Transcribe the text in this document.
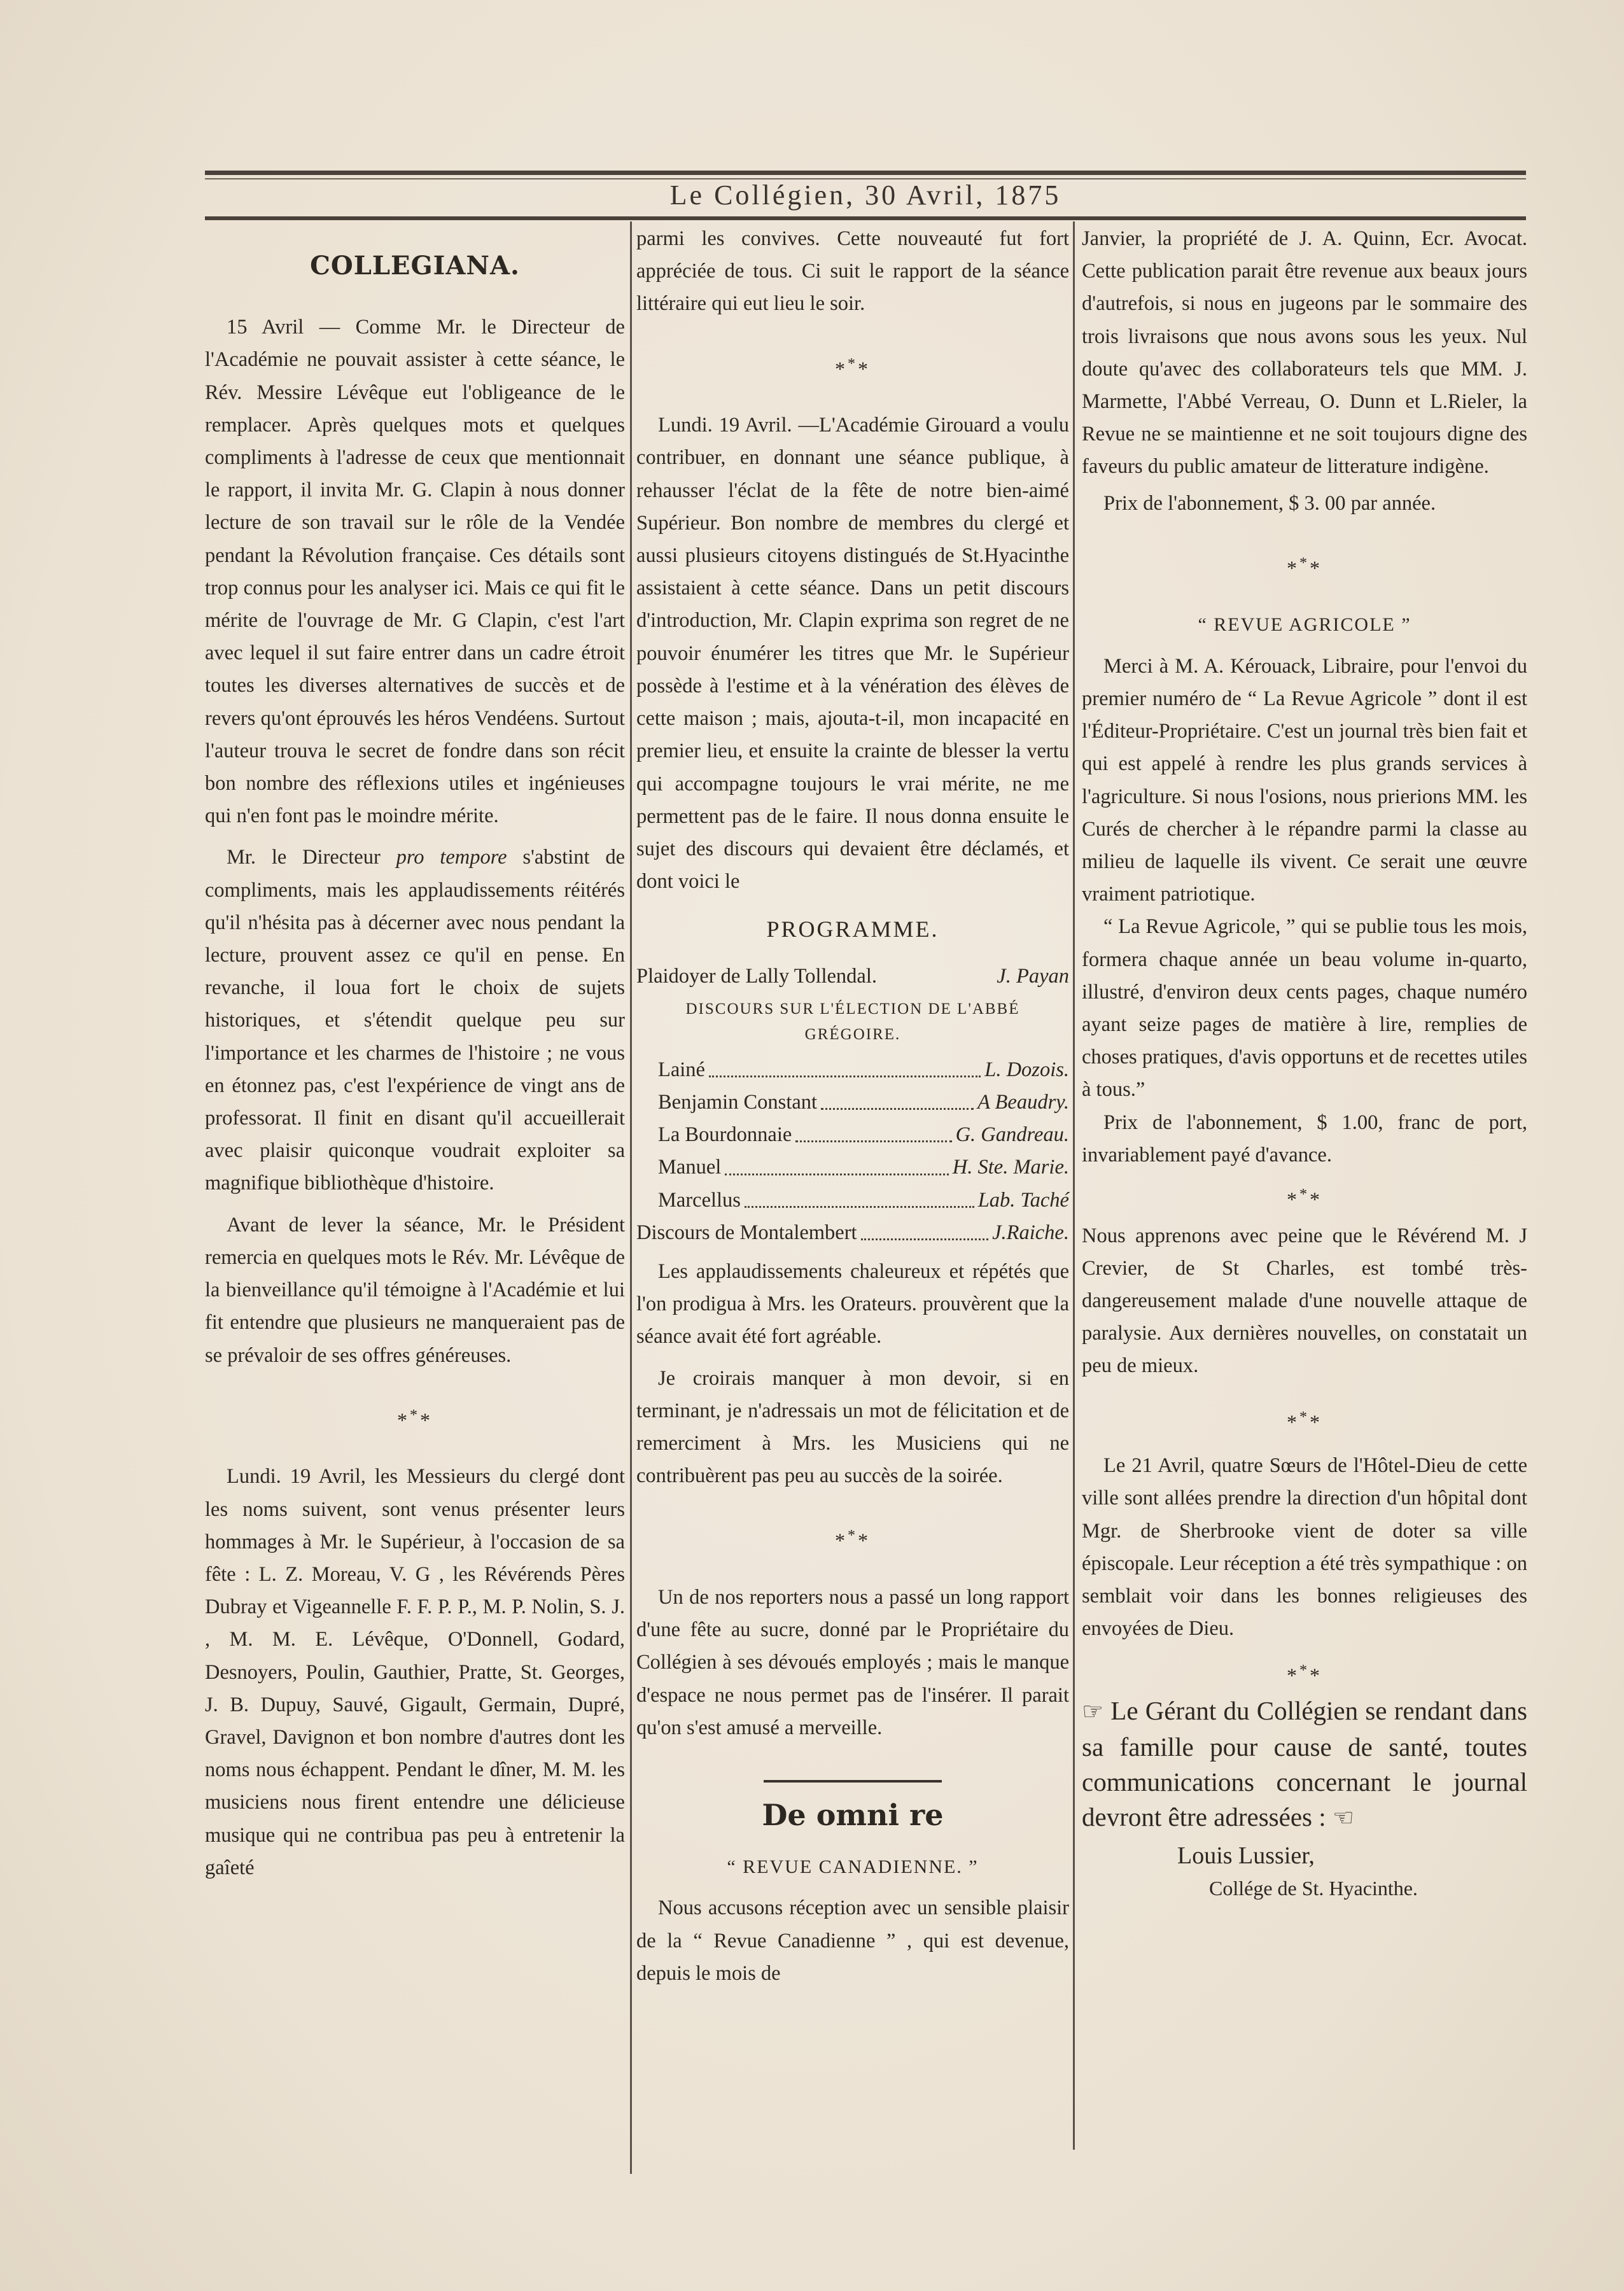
Le Collégien, 30 Avril, 1875
COLLEGIANA.

15 Avril — Comme Mr. le Directeur de l'Académie ne pouvait assister à cette séance, le Rév. Messire Lévêque eut l'obligeance de le remplacer. Après quelques mots et quelques compliments à l'adresse de ceux que mentionnait le rapport, il invita Mr. G. Clapin à nous donner lecture de son travail sur le rôle de la Vendée pendant la Révolution française. Ces détails sont trop connus pour les analyser ici. Mais ce qui fit le mérite de l'ouvrage de Mr. G Clapin, c'est l'art avec lequel il sut faire entrer dans un cadre étroit toutes les diverses alternatives de succès et de revers qu'ont éprouvés les héros Vendéens. Surtout l'auteur trouva le secret de fondre dans son récit bon nombre des réflexions utiles et ingénieuses qui n'en font pas le moindre mérite.

Mr. le Directeur pro tempore s'abstint de compliments, mais les applaudissements réitérés qu'il n'hésita pas à décerner avec nous pendant la lecture, prouvent assez ce qu'il en pense. En revanche, il loua fort le choix de sujets historiques, et s'étendit quelque peu sur l'importance et les charmes de l'histoire ; ne vous en étonnez pas, c'est l'expérience de vingt ans de professorat. Il finit en disant qu'il accueillerait avec plaisir quiconque voudrait exploiter sa magnifique bibliothèque d'histoire.

Avant de lever la séance, Mr. le Président remercia en quelques mots le Rév. Mr. Lévêque de la bienveillance qu'il témoigne à l'Académie et lui fit entendre que plusieurs ne manqueraient pas de se prévaloir de ses offres généreuses.

***

Lundi. 19 Avril, les Messieurs du clergé dont les noms suivent, sont venus présenter leurs hommages à Mr. le Supérieur, à l'occasion de sa fête : L. Z. Moreau, V. G , les Révérends Pères Dubray et Vigeannelle F. F. P. P., M. P. Nolin, S. J. , M. M. E. Lévêque, O'Donnell, Godard, Desnoyers, Poulin, Gauthier, Pratte, St. Georges, J. B. Dupuy, Sauvé, Gigault, Germain, Dupré, Gravel, Davignon et bon nombre d'autres dont les noms nous échappent. Pendant le dîner, M. M. les musiciens nous firent entendre une délicieuse musique qui ne contribua pas peu à entretenir la gaîeté

parmi les convives. Cette nouveauté fut fort appréciée de tous. Ci suit le rapport de la séance littéraire qui eut lieu le soir.

***

Lundi. 19 Avril. —L'Académie Girouard a voulu contribuer, en donnant une séance publique, à rehausser l'éclat de la fête de notre bien-aimé Supérieur. Bon nombre de membres du clergé et aussi plusieurs citoyens distingués de St.Hyacinthe assistaient à cette séance. Dans un petit discours d'introduction, Mr. Clapin exprima son regret de ne pouvoir énumérer les titres que Mr. le Supérieur possède à l'estime et à la vénération des élèves de cette maison ; mais, ajouta-t-il, mon incapacité en premier lieu, et ensuite la crainte de blesser la vertu qui accompagne toujours le vrai mérite, ne me permettent pas de le faire. Il nous donna ensuite le sujet des discours qui devaient être déclamés, et dont voici le

PROGRAMME.
Plaidoyer de Lally Tollendal.	J. Payan
DISCOURS SUR L'ÉLECTION DE L'ABBÉ GRÉGOIRE.
Lainé	L. Dozois.
Benjamin Constant	A Beaudry.
La Bourdonnaie	G. Gandreau.
Manuel	H. Ste. Marie.
Marcellus	Lab. Taché
Discours de Montalembert	J.Raiche.

Les applaudissements chaleureux et répétés que l'on prodigua à Mrs. les Orateurs. prouvèrent que la séance avait été fort agréable.

Je croirais manquer à mon devoir, si en terminant, je n'adressais un mot de félicitation et de remerciment à Mrs. les Musiciens qui ne contribuèrent pas peu au succès de la soirée.

***

Un de nos reporters nous a passé un long rapport d'une fête au sucre, donné par le Propriétaire du Collégien à ses dévoués employés ; mais le manque d'espace ne nous permet pas de l'insérer. Il parait qu'on s'est amusé a merveille.

De omni re
“ REVUE CANADIENNE. ”

Nous accusons réception avec un sensible plaisir de la “ Revue Canadienne ” , qui est devenue, depuis le mois de

Janvier, la propriété de J. A. Quinn, Ecr. Avocat. Cette publication parait être revenue aux beaux jours d'autrefois, si nous en jugeons par le sommaire des trois livraisons que nous avons sous les yeux. Nul doute qu'avec des collaborateurs tels que MM. J. Marmette, l'Abbé Verreau, O. Dunn et L.Rieler, la Revue ne se maintienne et ne soit toujours digne des faveurs du public amateur de litterature indigène.

Prix de l'abonnement, $ 3. 00 par année.

***
“ REVUE AGRICOLE ”

Merci à M. A. Kérouack, Libraire, pour l'envoi du premier numéro de “ La Revue Agricole ” dont il est l'Éditeur-Propriétaire. C'est un journal très bien fait et qui est appelé à rendre les plus grands services à l'agriculture. Si nous l'osions, nous prierions MM. les Curés de chercher à le répandre parmi la classe au milieu de laquelle ils vivent. Ce serait une œuvre vraiment patriotique.

“ La Revue Agricole, ” qui se publie tous les mois, formera chaque année un beau volume in-quarto, illustré, d'environ deux cents pages, chaque numéro ayant seize pages de matière à lire, remplies de choses pratiques, d'avis opportuns et de recettes utiles à tous.”

Prix de l'abonnement, $ 1.00, franc de port, invariablement payé d'avance.

***

Nous apprenons avec peine que le Révérend M. J Crevier, de St Charles, est tombé très-dangereusement malade d'une nouvelle attaque de paralysie. Aux dernières nouvelles, on constatait un peu de mieux.

***

Le 21 Avril, quatre Sœurs de l'Hôtel-Dieu de cette ville sont allées prendre la direction d'un hôpital dont Mgr. de Sherbrooke vient de doter sa ville épiscopale. Leur réception a été très sympathique : on semblait voir dans les bonnes religieuses des envoyées de Dieu.

***
☞ Le Gérant du Collégien se rendant dans sa famille pour cause de santé, toutes communications concernant le journal devront être adressées : ☜
Louis Lussier,
Collége de St. Hyacinthe.
